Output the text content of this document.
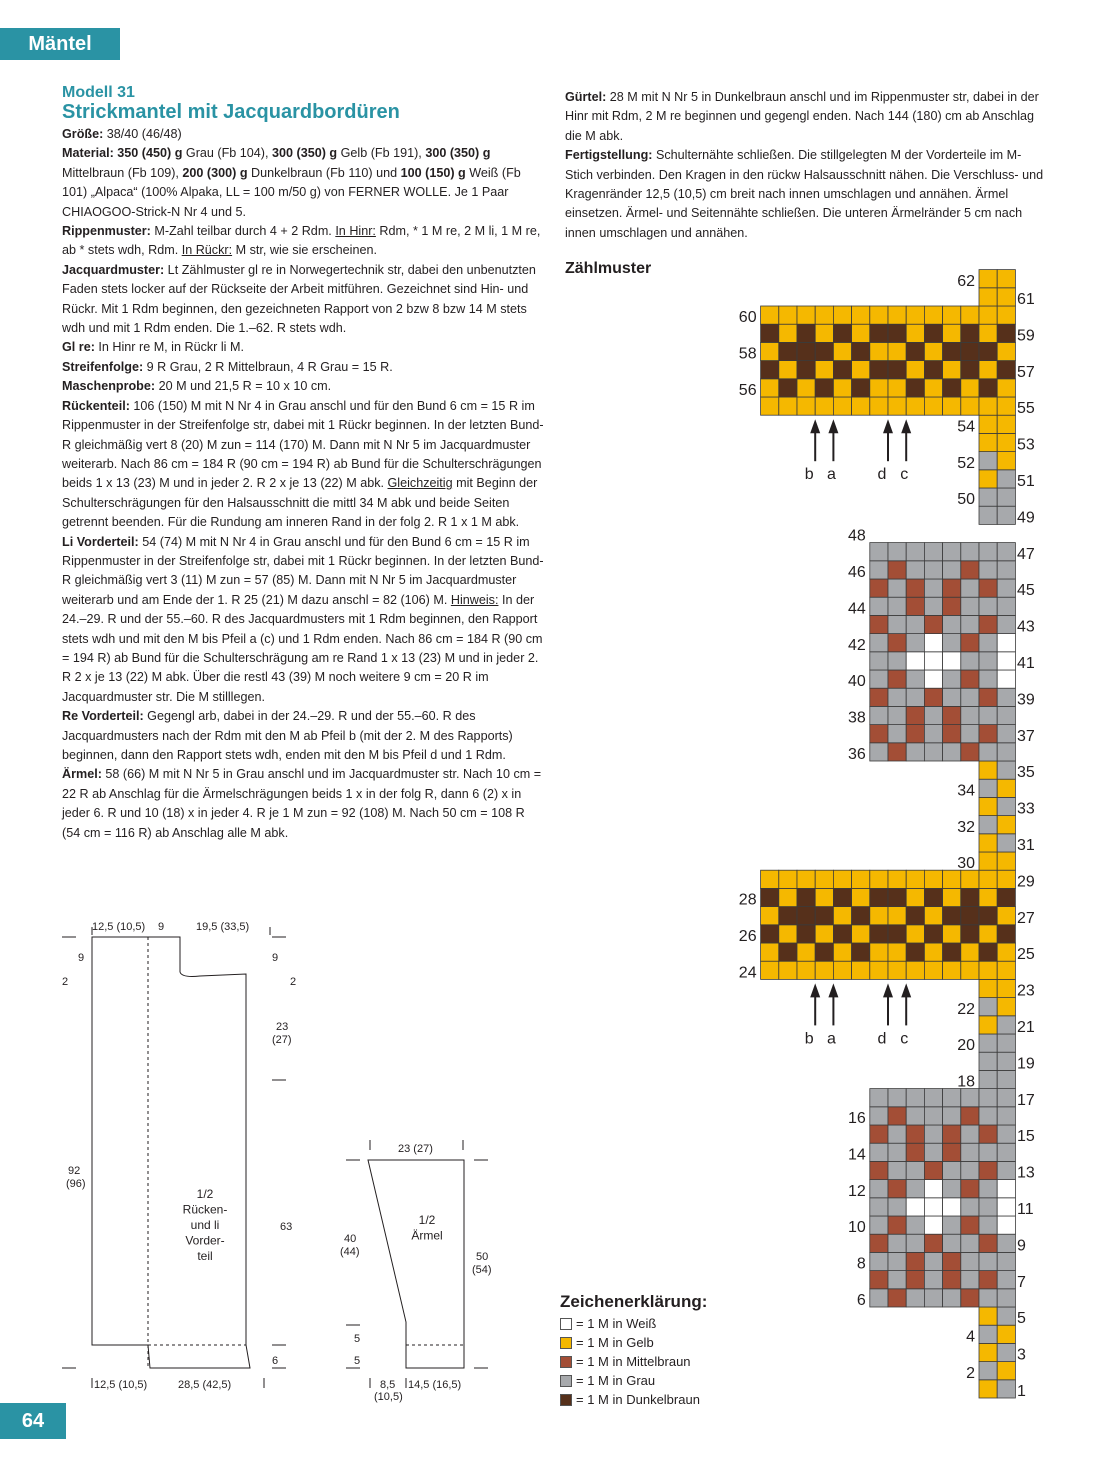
Mäntel
Modell 31
Strickmantel mit Jacquardbordüren

Größe: 38/40 (46/48)

Material: 350 (450) g Grau (Fb 104), 300 (350) g Gelb (Fb 191), 300 (350) g Mittelbraun (Fb 109), 200 (300) g Dunkelbraun (Fb 110) und 100 (150) g Weiß (Fb 101) „Alpaca“ (100% Alpaka, LL = 100 m/50 g) von FERNER WOLLE. Je 1 Paar CHIAOGOO-Strick-N Nr 4 und 5.

Rippenmuster: M-Zahl teilbar durch 4 + 2 Rdm. In Hinr: Rdm, * 1 M re, 2 M li, 1 M re, ab * stets wdh, Rdm. In Rückr: M str, wie sie erscheinen.

Jacquardmuster: Lt Zählmuster gl re in Norwegertechnik str, dabei den unbenutzten Faden stets locker auf der Rückseite der Arbeit mitführen. Gezeichnet sind Hin- und Rückr. Mit 1 Rdm beginnen, den gezeichneten Rapport von 2 bzw 8 bzw 14 M stets wdh und mit 1 Rdm enden. Die 1.–62. R stets wdh.

Gl re: In Hinr re M, in Rückr li M.

Streifenfolge: 9 R Grau, 2 R Mittelbraun, 4 R Grau = 15 R.

Maschenprobe: 20 M und 21,5 R = 10 x 10 cm.

Rückenteil: 106 (150) M mit N Nr 4 in Grau anschl und für den Bund 6 cm = 15 R im Rippenmuster in der Streifenfolge str, dabei mit 1 Rückr beginnen. In der letzten Bund-R gleichmäßig vert 8 (20) M zun = 114 (170) M. Dann mit N Nr 5 im Jacquardmuster weiterarb. Nach 86 cm = 184 R (90 cm = 194 R) ab Bund für die Schulterschrägungen beids 1 x 13 (23) M und in jeder 2. R 2 x je 13 (22) M abk. Gleichzeitig mit Beginn der Schulterschrägungen für den Halsausschnitt die mittl 34 M abk und beide Seiten getrennt beenden. Für die Rundung am inneren Rand in der folg 2. R 1 x 1 M abk.

Li Vorderteil: 54 (74) M mit N Nr 4 in Grau anschl und für den Bund 6 cm = 15 R im Rippenmuster in der Streifenfolge str, dabei mit 1 Rückr beginnen. In der letzten Bund-R gleichmäßig vert 3 (11) M zun = 57 (85) M. Dann mit N Nr 5 im Jacquardmuster weiterarb und am Ende der 1. R 25 (21) M dazu anschl = 82 (106) M. Hinweis: In der 24.–29. R und der 55.–60. R des Jacquardmusters mit 1 Rdm beginnen, den Rapport stets wdh und mit den M bis Pfeil a (c) und 1 Rdm enden. Nach 86 cm = 184 R (90 cm = 194 R) ab Bund für die Schulterschrägung am re Rand 1 x 13 (23) M und in jeder 2. R 2 x je 13 (22) M abk. Über die restl 43 (39) M noch weitere 9 cm = 20 R im Jacquardmuster str. Die M stilllegen.

Re Vorderteil: Gegengl arb, dabei in der 24.–29. R und der 55.–60. R des Jacquardmusters nach der Rdm mit den M ab Pfeil b (mit der 2. M des Rapports) beginnen, dann den Rapport stets wdh, enden mit den M bis Pfeil d und 1 Rdm.

Ärmel: 58 (66) M mit N Nr 5 in Grau anschl und im Jacquardmuster str. Nach 10 cm = 22 R ab Anschlag für die Ärmelschrägungen beids 1 x in der folg R, dann 6 (2) x in jeder 6. R und 10 (18) x in jeder 4. R je 1 M zun = 92 (108) M. Nach 50 cm = 108 R (54 cm = 116 R) ab Anschlag alle M abk.

Gürtel: 28 M mit N Nr 5 in Dunkelbraun anschl und im Rippenmuster str, dabei in der Hinr mit Rdm, 2 M re beginnen und gegengl enden. Nach 144 (180) cm ab Anschlag die M abk.

Fertigstellung: Schulternähte schließen. Die stillgelegten M der Vorderteile im M-Stich verbinden. Den Kragen in den rückw Halsausschnitt nähen. Die Verschluss- und Kragenränder 12,5 (10,5) cm breit nach innen umschlagen und annähen. Ärmel einsetzen. Ärmel- und Seitennähte schließen. Die unteren Ärmelränder 5 cm nach innen umschlagen und annähen.

Zählmuster
1
3
5
7
9
11
13
15
17
19
21
23
25
27
29
31
33
35
37
39
41
43
45
47
49
51
53
55
57
59
61
2
4
6
8
10
12
14
16
18
20
22
24
26
28
30
32
34
36
38
40
42
44
46
48
50
52
54
56
58
60
62
b a	d c
b a	d c
12,5 (10,5) 9	19,5 (33,5)
9
2
9
2
23
(27)
92
(96)
63
6
12,5 (10,5)	28,5 (42,5)
1/2
Rücken-
und li
Vorder-
teil
23 (27)
40
(44)	50
(54)
5
5
8,5
(10,5)
14,5 (16,5)
1/2
Ärmel
Zeichenerklärung:
= 1 M in Weiß
= 1 M in Gelb
= 1 M in Mittelbraun
= 1 M in Grau
= 1 M in Dunkelbraun
64
